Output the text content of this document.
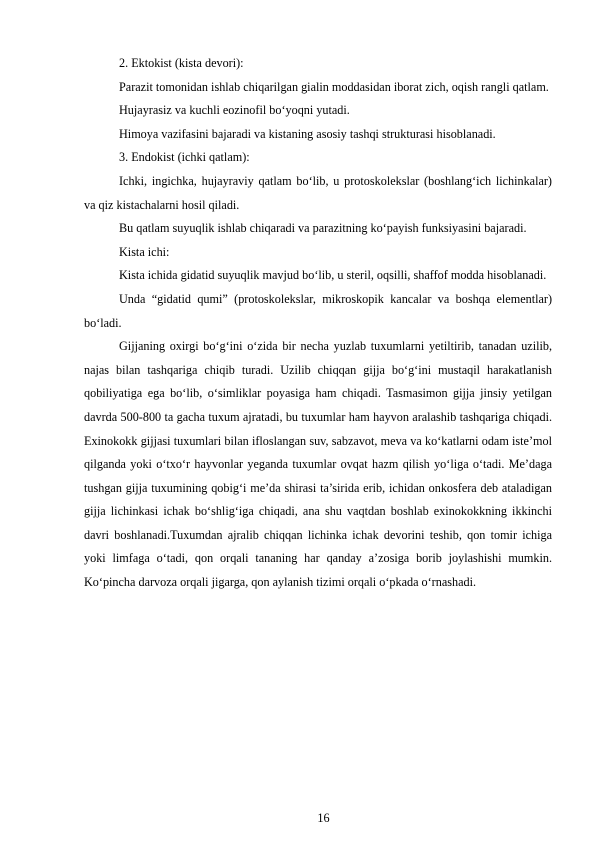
2. Ektokist (kista devori):

Parazit tomonidan ishlab chiqarilgan gialin moddasidan iborat zich, oqish rangli qatlam.

Hujayrasiz va kuchli eozinofil bo‘yoqni yutadi.

Himoya vazifasini bajaradi va kistaning asosiy tashqi strukturasi hisoblanadi.

3. Endokist (ichki qatlam):

Ichki, ingichka, hujayraviy qatlam bo‘lib, u protoskolekslar (boshlang‘ich lichinkalar) va qiz kistachalarni hosil qiladi.

Bu qatlam suyuqlik ishlab chiqaradi va parazitning ko‘payish funksiyasini bajaradi.

Kista ichi:

Kista ichida gidatid suyuqlik mavjud bo‘lib, u steril, oqsilli, shaffof modda hisoblanadi.

Unda “gidatid qumi” (protoskolekslar, mikroskopik kancalar va boshqa elementlar) bo‘ladi.

Gijjaning oxirgi bo‘g‘ini o‘zida bir necha yuzlab tuxumlarni yetiltirib, tanadan uzilib, najas bilan tashqariga chiqib turadi. Uzilib chiqqan gijja bo‘g‘ini mustaqil harakatlanish qobiliyatiga ega bo‘lib, o‘simliklar poyasiga ham chiqadi. Tasmasimon gijja jinsiy yetilgan davrda 500-800 ta gacha tuxum ajratadi, bu tuxumlar ham hayvon aralashib tashqariga chiqadi. Exinokokk gijjasi tuxumlari bilan ifloslangan suv, sabzavot, meva va ko‘katlarni odam iste’mol qilganda yoki o‘txo‘r hayvonlar yeganda tuxumlar ovqat hazm qilish yo‘liga o‘tadi. Me’daga tushgan gijja tuxumining qobig‘i me’da shirasi ta’sirida erib, ichidan onkosfera deb ataladigan gijja lichinkasi ichak bo‘shlig‘iga chiqadi, ana shu vaqtdan boshlab exinokokkning ikkinchi davri boshlanadi.Tuxumdan ajralib chiqqan lichinka ichak devorini teshib, qon tomir ichiga yoki limfaga o‘tadi, qon orqali tananing har qanday a’zosiga borib joylashishi mumkin. Ko‘pincha darvoza orqali jigarga, qon aylanish tizimi orqali o‘pkada o‘rnashadi.

16
